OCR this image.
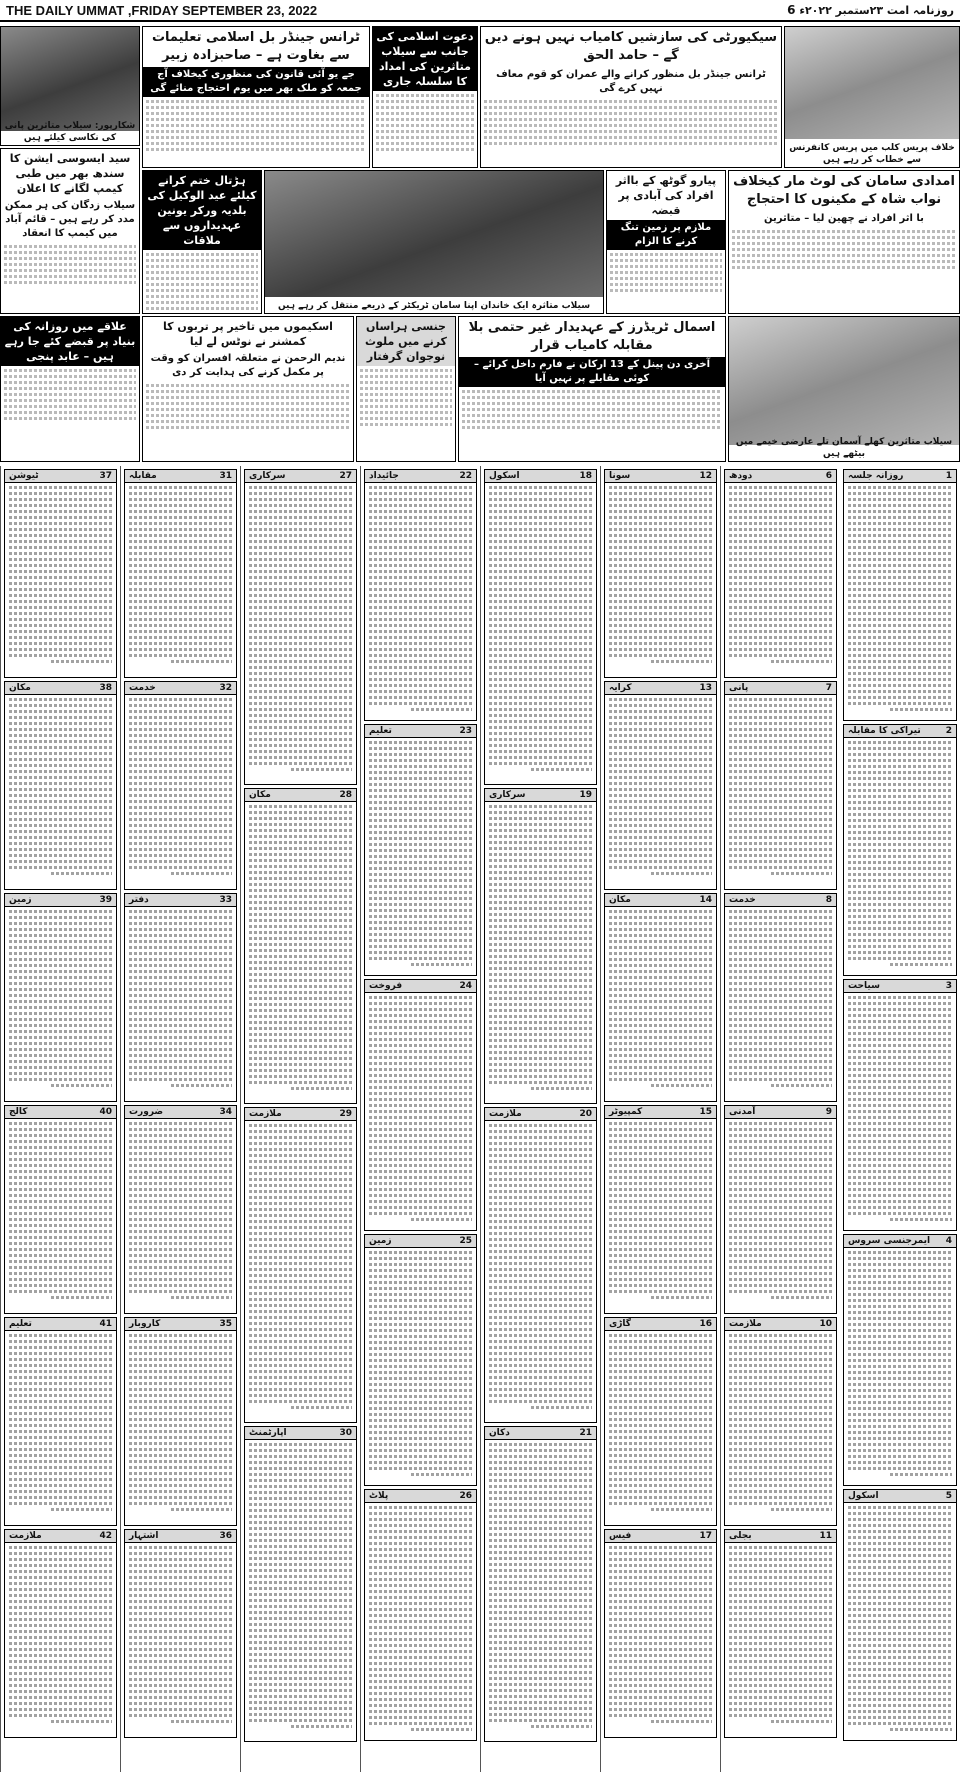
THE DAILY UMMAT ,FRIDAY SEPTEMBER 23, 2022	روزنامہ امت ۲۳ستمبر ۲۰۲۲ء 6
شکارپور: سیلاب متاثرین پانی کی نکاسی کیلئے ہیں
ٹرانس جینڈر بل اسلامی تعلیمات سے بغاوت ہے – صاحبزادہ زبیر
جے یو آئی قانون کی منظوری کیخلاف آج جمعہ کو ملک بھر میں یوم احتجاج منائے گی
دعوت اسلامی کی جانب سے سیلاب متاثرین کی امداد کا سلسلہ جاری
سیکیورٹی کی سازشیں کامیاب نہیں ہونے دیں گے – حامد الحق
ٹرانس جینڈر بل منظور کرانے والے عمران کو قوم معاف نہیں کرے گی
خلاف پریس کلب میں پریس کانفرنس سے خطاب کر رہے ہیں
سید ایسوسی ایشن کا سندھ بھر میں طبی کیمپ لگانے کا اعلان
سیلاب زدگان کی ہر ممکن مدد کر رہے ہیں – قائم آباد میں کیمپ کا انعقاد
ہڑتال ختم کرانے کیلئے عید الوکیل کی بلدیہ ورکر یونین عہدیداروں سے ملاقات
سیلاب متاثرہ ایک خاندان اپنا سامان ٹریکٹر کے ذریعے منتقل کر رہے ہیں
پیارو گوٹھ کے بااثر افراد کی آبادی پر قبضہ
ملازم پر زمین تنگ کرنے کا الزام
امدادی سامان کی لوٹ مار کیخلاف نواب شاہ کے مکینوں کا احتجاج
با اثر افراد نے چھین لیا – متاثرین
علاقے میں روزانہ کی بنیاد پر قبضے کئے جا رہے ہیں – عابد پنجی
اسکیموں میں تاخیر پر تربوں کا کمشنر نے نوٹس لے لیا
ندیم الرحمن نے متعلقہ افسران کو وقت پر مکمل کرنے کی ہدایت کر دی
جنسی ہراساں کرنے میں ملوث نوجوان گرفتار
اسمال ٹریڈرز کے عہدیدار غیر حتمی بلا مقابلہ کامیاب قرار
آخری دن پینل کے 13 ارکان نے فارم داخل کرائے – کوئی مقابلے پر نہیں آیا
سیلاب متاثرین کھلے آسمان تلے عارضی خیمے میں بیٹھے ہیں
1
روزانہ جلسہ
2
تیراکی کا مقابلہ
3
سیاحت
4
ایمرجنسی سروس
5
اسکول
6
دودھ
7
پانی
8
خدمت
9
آمدنی
10
ملازمت
11
بجلی
12
سونا
13
کرایہ
14
مکان
15
کمپیوٹر
16
گاڑی
17
فیس
18
اسکول
19
سرکاری
20
ملازمت
21
دکان
22
جائیداد
23
تعلیم
24
فروخت
25
زمین
26
پلاٹ
27
سرکاری
28
مکان
29
ملازمت
30
اپارٹمنٹ
31
مقابلہ
32
خدمت
33
دفتر
34
ضرورت
35
کاروبار
36
اشتہار
37
ٹیوشن
38
مکان
39
زمین
40
کالج
41
تعلیم
42
ملازمت
